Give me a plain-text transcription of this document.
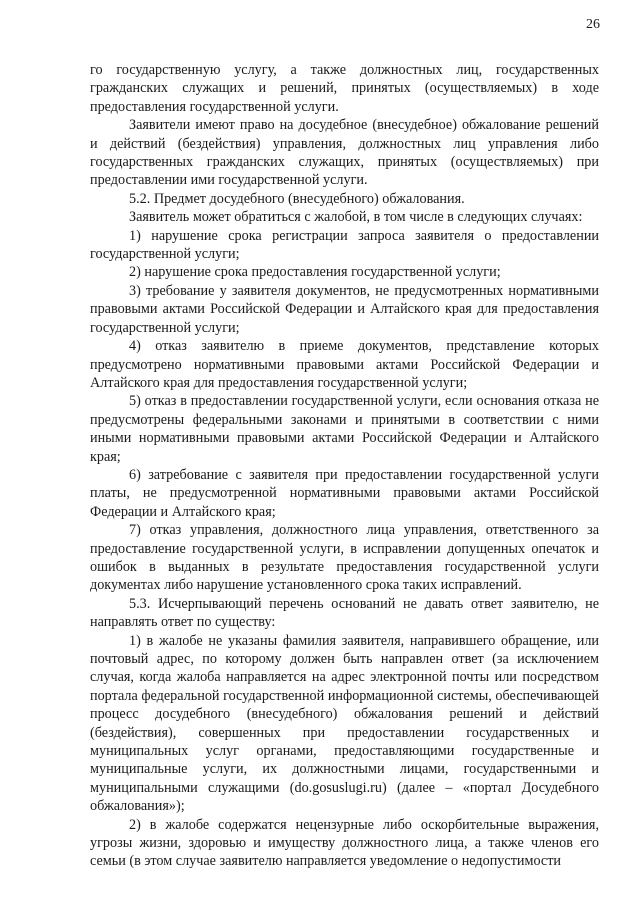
26

го государственную услугу, а также должностных лиц, государственных гражданских служащих и решений, принятых (осуществляемых) в ходе предоставления государственной услуги.

Заявители имеют право на досудебное (внесудебное) обжалование решений и действий (бездействия) управления, должностных лиц управления либо государственных гражданских служащих, принятых (осуществляемых) при предоставлении ими государственной услуги.

5.2. Предмет досудебного (внесудебного) обжалования.

Заявитель может обратиться с жалобой, в том числе в следующих случаях:

1) нарушение срока регистрации запроса заявителя о предоставлении государственной услуги;

2) нарушение срока предоставления государственной услуги;

3) требование у заявителя документов, не предусмотренных нормативными правовыми актами Российской Федерации и Алтайского края для предоставления государственной услуги;

4) отказ заявителю в приеме документов, представление которых предусмотрено нормативными правовыми актами Российской Федерации и Алтайского края для предоставления государственной услуги;

5) отказ в предоставлении государственной услуги, если основания отказа не предусмотрены федеральными законами и принятыми в соответствии с ними иными нормативными правовыми актами Российской Федерации и Алтайского края;

6) затребование с заявителя при предоставлении государственной услуги платы, не предусмотренной нормативными правовыми актами Российской Федерации и Алтайского края;

7) отказ управления, должностного лица управления, ответственного за предоставление государственной услуги, в исправлении допущенных опечаток и ошибок в выданных в результате предоставления государственной услуги документах либо нарушение установленного срока таких исправлений.

5.3. Исчерпывающий перечень оснований не давать ответ заявителю, не направлять ответ по существу:

1) в жалобе не указаны фамилия заявителя, направившего обращение, или почтовый адрес, по которому должен быть направлен ответ (за исключением случая, когда жалоба направляется на адрес электронной почты или посредством портала федеральной государственной информационной системы, обеспечивающей процесс досудебного (внесудебного) обжалования решений и действий (бездействия), совершенных при предоставлении государственных и муниципальных услуг органами, предоставляющими государственные и муниципальные услуги, их должностными лицами, государственными и муниципальными служащими (do.gosuslugi.ru) (далее – «портал Досудебного обжалования»);

2) в жалобе содержатся нецензурные либо оскорбительные выражения, угрозы жизни, здоровью и имуществу должностного лица, а также членов его семьи (в этом случае заявителю направляется уведомление о недопустимости
